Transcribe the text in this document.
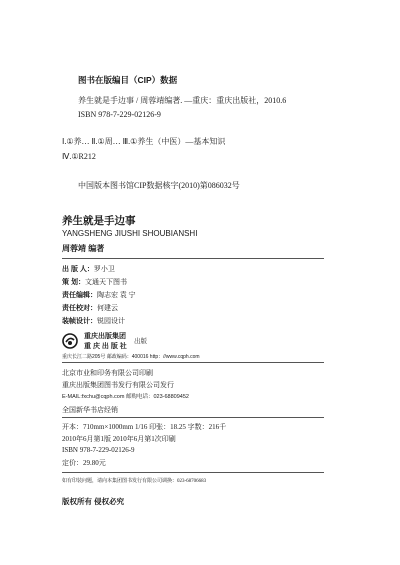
图书在版编目（CIP）数据
养生就是手边事 / 周蓉靖编著. —重庆：重庆出版社，2010.6
ISBN 978-7-229-02126-9
Ⅰ.①养… Ⅱ.①周… Ⅲ.①养生（中医）—基本知识
Ⅳ.①R212
中国版本图书馆CIP数据核字(2010)第086032号
养生就是手边事
YANGSHENG JIUSHI SHOUBIANSHI
周蓉靖 编著
出 版 人：罗小卫
策 划：文通天下图书
责任编辑：陶志宏 袁 宁
责任校对：何建云
装帧设计：锐园设计
重庆出版集团
重 庆 出 版 社
出版
重庆长江二路205号 邮政编码：400016 http：//www.cqph.com
北京市业和印务有限公司印刷
重庆出版集团图书发行有限公司发行
E-MAIL:fxchu@cqph.com 邮购电话：023-68809452
全国新华书店经销
开本：710mm×1000mm 1/16 印张：18.25 字数：216千
2010年6月第1版 2010年6月第1次印刷
ISBN 978-7-229-02126-9
定价：29.80元
如有印装问题，请向本集团图书发行有限公司调换：023-68706683
版权所有 侵权必究
